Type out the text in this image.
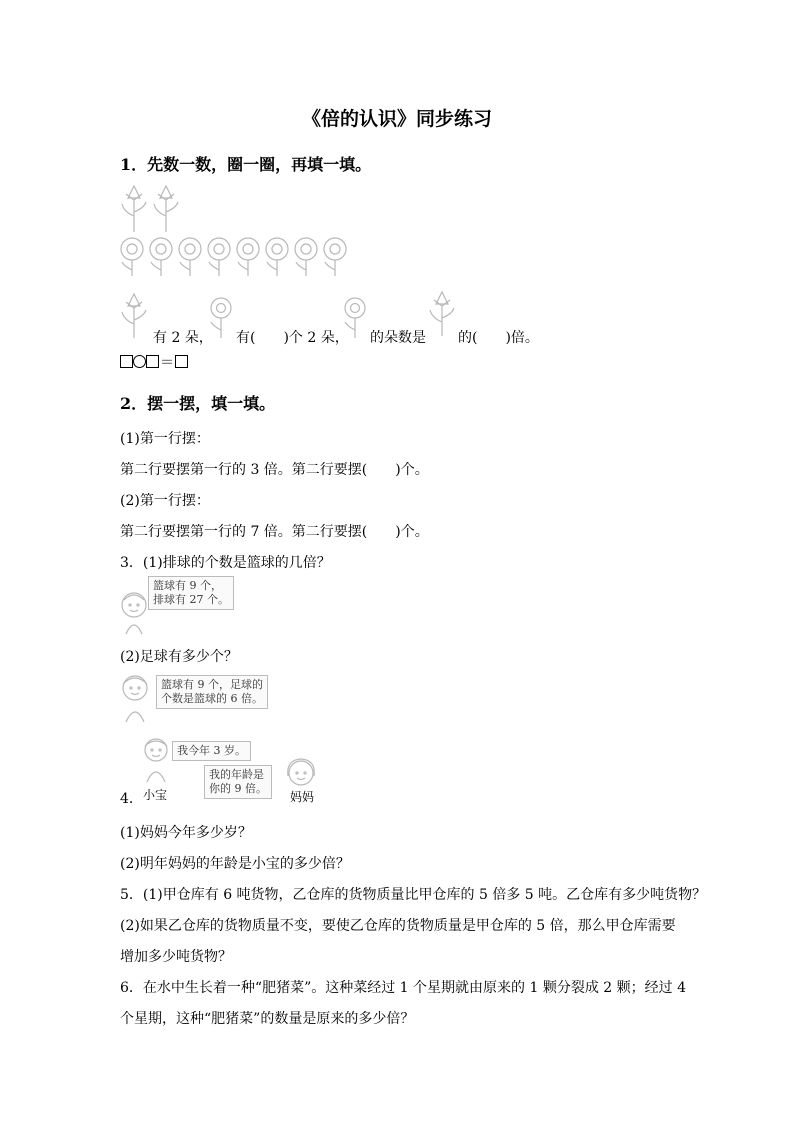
《倍的认识》同步练习
1．先数一数，圈一圈，再填一填。
有 2 朵， 有(　　)个 2 朵， 的朵数是 的(　　)倍。
＝
2．摆一摆，填一填。
(1)第一行摆：
第二行要摆第一行的 3 倍。第二行要摆(　　)个。
(2)第一行摆：
第二行要摆第一行的 7 倍。第二行要摆(　　)个。
3．(1)排球的个数是篮球的几倍？
篮球有 9 个，
排球有 27 个。
(2)足球有多少个？
篮球有 9 个，足球的
个数是篮球的 6 倍。
我今年 3 岁。
我的年龄是
你的 9 倍。
4． 小宝	妈妈
(1)妈妈今年多少岁？
(2)明年妈妈的年龄是小宝的多少倍？
5．(1)甲仓库有 6 吨货物，乙仓库的货物质量比甲仓库的 5 倍多 5 吨。乙仓库有多少吨货物？
(2)如果乙仓库的货物质量不变，要使乙仓库的货物质量是甲仓库的 5 倍，那么甲仓库需要
增加多少吨货物？
6．在水中生长着一种“肥猪菜”。这种菜经过 1 个星期就由原来的 1 颗分裂成 2 颗；经过 4
个星期，这种“肥猪菜”的数量是原来的多少倍？
